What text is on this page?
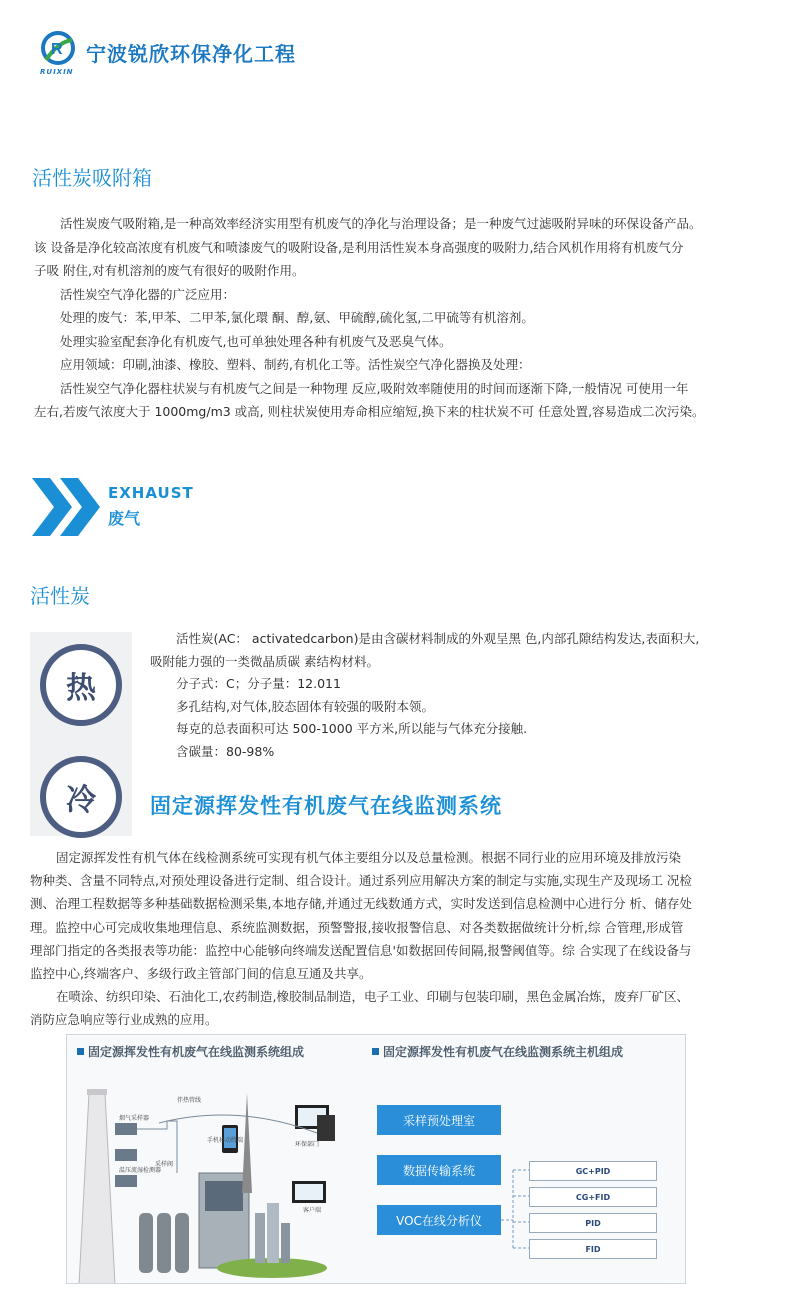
R
RUIXIN
宁波锐欣环保净化工程
活性炭吸附箱

活性炭废气吸附箱,是一种高效率经济实用型有机废气的净化与治理设备；是一种废气过滤吸附异味的环保设备产品。

该 设备是净化较高浓度有机废气和喷漆废气的吸附设备,是利用活性炭本身高强度的吸附力,结合风机作用将有机废气分

子吸 附住,对有机溶剂的废气有很好的吸附作用。

活性炭空气净化器的广泛应用：

处理的废气：苯,甲苯、二甲苯,氯化環 酮、醇,氨、甲硫醇,硫化氢,二甲硫等有机溶剂。

处理实验室配套净化有机废气,也可单独处理各种有机废气及恶臭气体。

应用领域：印刷,油漆、橡胶、塑料、制药,有机化工等。活性炭空气净化器换及处理：

活性炭空气净化器柱状炭与有机废气之间是一种物理 反应,吸附效率随使用的时间而逐渐下降,一般情况 可使用一年

左右,若废气浓度大于 1000mg/m3 或高, 则柱状炭使用寿命相应缩短,换下来的柱状炭不可 任意处置,容易造成二次污染。

EXHAUST
废气
活性炭
热
冷

活性炭(AC： activatedcarbon)是由含碳材料制成的外观呈黑 色,内部孔隙结构发达,表面积大,

吸附能力强的一类微晶质碳 素结构材料。

分子式：C；分子量：12.011

多孔结构,对气体,胶态固体有较强的吸附本领。

每克的总表面积可达 500-1000 平方米,所以能与气体充分接触.

含碳量：80-98%

固定源挥发性有机废气在线监测系统

固定源挥发性有机气体在线检测系统可实现有机气体主要组分以及总量检测。根据不同行业的应用环境及排放污染

物种类、含量不同特点,对预处理设备进行定制、组合设计。通过系列应用解决方案的制定与实施,实现生产及现场工 况检

测、治理工程数据等多种基础数据检测采集,本地存储,并通过无线数通方式，实时发送到信息检测中心进行分 析、储存处

理。监控中心可完成收集地理信息、系统监测数据，预警警报,接收报警信息、对各类数据做统计分析,综 合管理,形成管

理部门指定的各类报表等功能：监控中心能够向终端发送配置信息'如数据回传间隔,报警阈值等。综 合实现了在线设备与

监控中心,终端客户、多级行政主管部门间的信息互通及共享。

在喷涂、纺织印染、石油化工,农药制造,橡胶制品制造，电子工业、印刷与包装印刷，黑色金属冶炼，废弃厂矿区、

消防应急响应等行业成熟的应用。

固定源挥发性有机废气在线监测系统组成	固定源挥发性有机废气在线监测系统主机组成
伴热管线
烟气采样器
温压流湿检测器
采样阀
手机移动终端
环保部门
客户端
采样预处理室
数据传输系统
VOC在线分析仪
GC+PID
CG+FID
PID
FID
